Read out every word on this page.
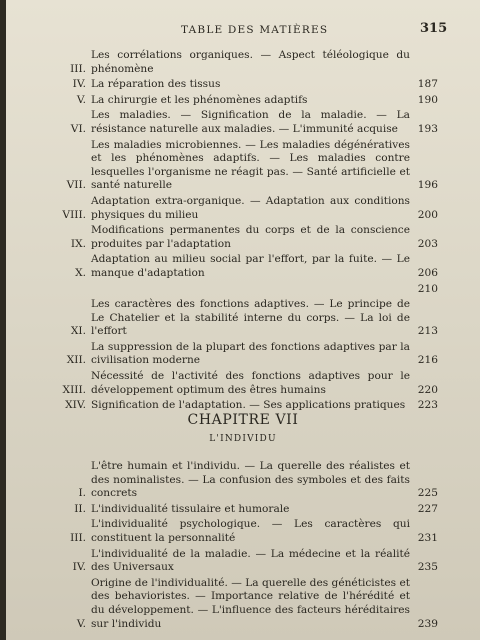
TABLE DES MATIÈRES	315
III.
Les corrélations organiques. — Aspect téléologique du phénomène
IV. La réparation des tissus	187
V. La chirurgie et les phénomènes adaptifs	190
VI.
Les maladies. — Signification de la maladie. — La résistance naturelle aux maladies. — L'immunité acquise	193
VII.
Les maladies microbiennes. — Les maladies dégénératives et les phénomènes adaptifs. — Les maladies contre lesquelles l'organisme ne réagit pas. — Santé artificielle et santé naturelle	196
VIII.
Adaptation extra-organique. — Adaptation aux conditions physiques du milieu	200
IX.
Modifications permanentes du corps et de la conscience produites par l'adaptation	203
X.
Adaptation au milieu social par l'effort, par la fuite. — Le manque d'adaptation	206
210
XI.
Les caractères des fonctions adaptives. — Le principe de Le Chatelier et la stabilité interne du corps. — La loi de l'effort	213
XII.
La suppression de la plupart des fonctions adaptives par la civilisation moderne	216
XIII.
Nécessité de l'activité des fonctions adaptives pour le développement optimum des êtres humains	220
XIV. Signification de l'adaptation. — Ses applications pratiques	223
CHAPITRE VII
L'INDIVIDU
I.
L'être humain et l'individu. — La querelle des réalistes et des nominalistes. — La confusion des symboles et des faits concrets	225
II. L'individualité tissulaire et humorale	227
III.
L'individualité psychologique. — Les caractères qui constituent la personnalité	231
IV.
L'individualité de la maladie. — La médecine et la réalité des Universaux	235
V.
Origine de l'individualité. — La querelle des généticistes et des behavioristes. — Importance relative de l'hérédité et du développement. — L'influence des facteurs héréditaires sur l'individu	239
